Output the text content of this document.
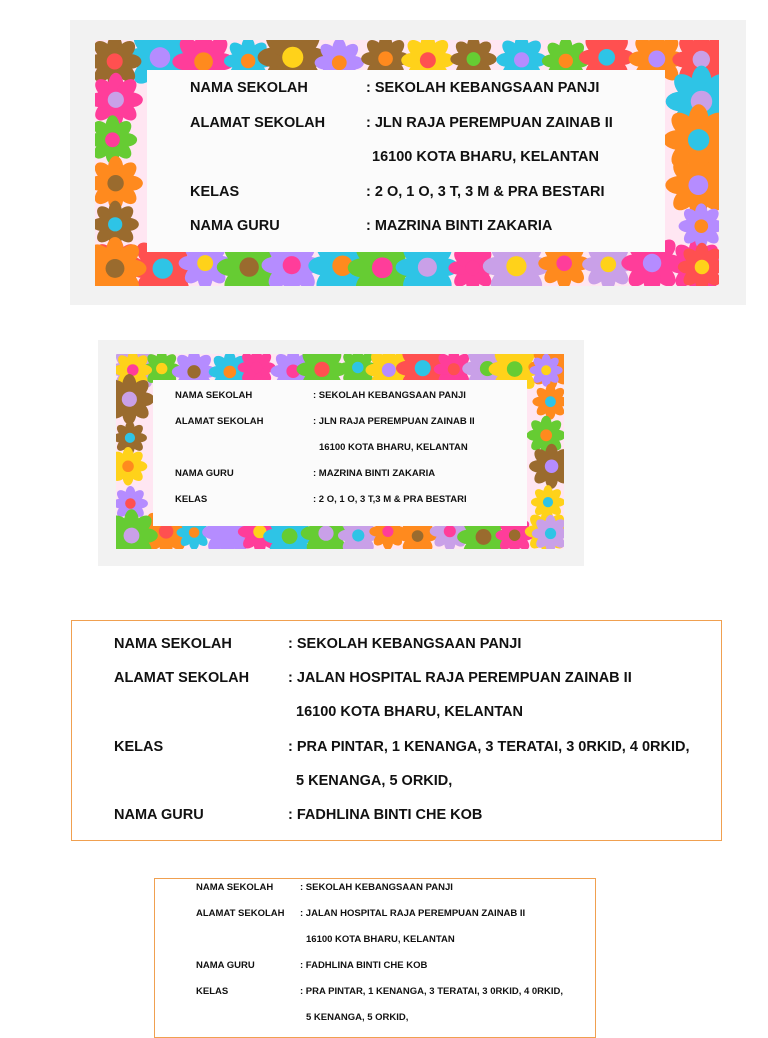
NAMA SEKOLAH	: SEKOLAH KEBANGSAAN PANJI
ALAMAT SEKOLAH	: JLN RAJA PEREMPUAN ZAINAB II
16100 KOTA BHARU, KELANTAN
KELAS	: 2 O, 1 O, 3 T, 3 M & PRA BESTARI
NAMA GURU	: MAZRINA BINTI ZAKARIA
NAMA SEKOLAH	: SEKOLAH KEBANGSAAN PANJI
ALAMAT SEKOLAH	: JLN RAJA PEREMPUAN ZAINAB II
16100 KOTA BHARU, KELANTAN
NAMA GURU	: MAZRINA BINTI ZAKARIA
KELAS	: 2 O, 1 O, 3 T,3 M & PRA BESTARI
NAMA SEKOLAH	: SEKOLAH KEBANGSAAN PANJI
ALAMAT SEKOLAH	: JALAN HOSPITAL RAJA PEREMPUAN ZAINAB II
16100 KOTA BHARU, KELANTAN
KELAS	: PRA PINTAR, 1 KENANGA, 3 TERATAI, 3 0RKID, 4 0RKID,
5 KENANGA, 5 ORKID,
NAMA GURU	: FADHLINA BINTI CHE KOB
NAMA SEKOLAH	: SEKOLAH KEBANGSAAN PANJI
ALAMAT SEKOLAH : JALAN HOSPITAL RAJA PEREMPUAN ZAINAB II
16100 KOTA BHARU, KELANTAN
NAMA GURU	: FADHLINA BINTI CHE KOB
KELAS	: PRA PINTAR, 1 KENANGA, 3 TERATAI, 3 0RKID, 4 0RKID,
5 KENANGA, 5 ORKID,
